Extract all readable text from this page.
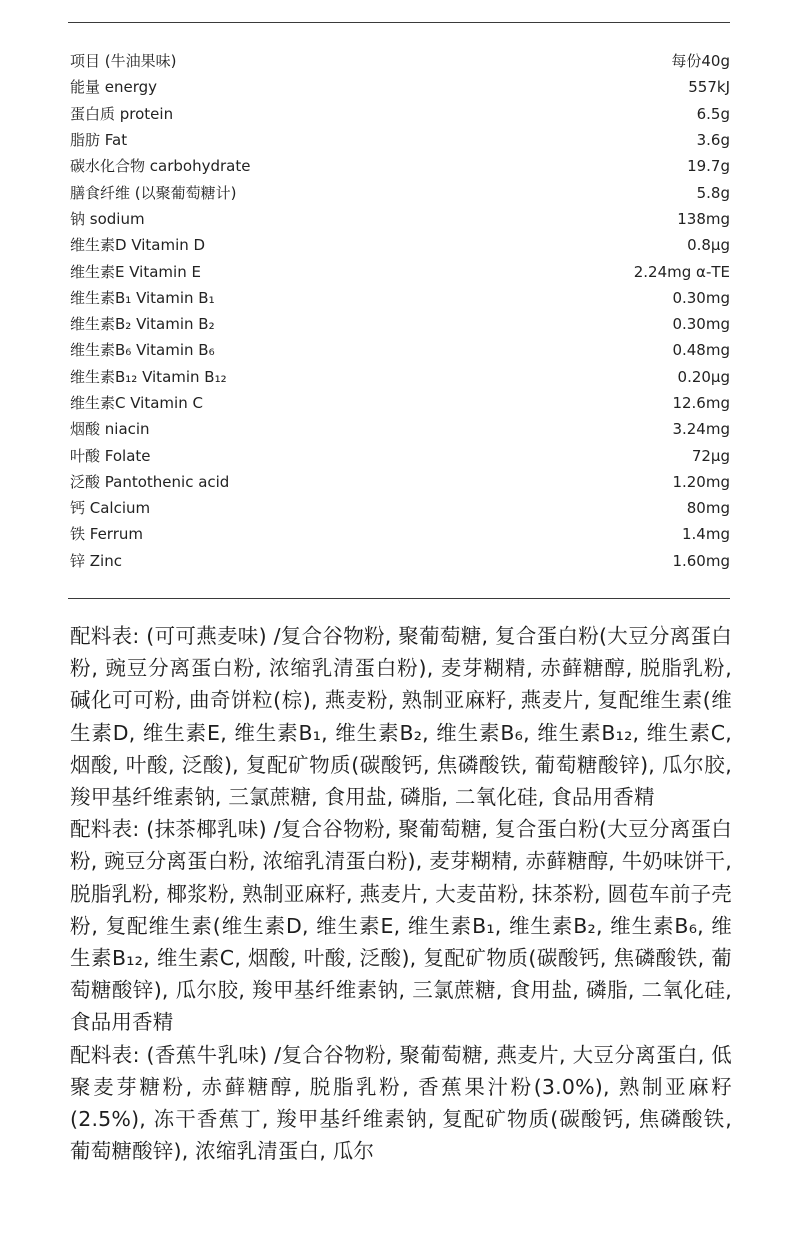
项目 (牛油果味)	每份40g
能量 energy	557kJ
蛋白质 protein	6.5g
脂肪 Fat	3.6g
碳水化合物 carbohydrate	19.7g
膳食纤维 (以聚葡萄糖计)	5.8g
钠 sodium	138mg
维生素D Vitamin D	0.8μg
维生素E Vitamin E	2.24mg α-TE
维生素B₁ Vitamin B₁	0.30mg
维生素B₂ Vitamin B₂	0.30mg
维生素B₆ Vitamin B₆	0.48mg
维生素B₁₂ Vitamin B₁₂	0.20μg
维生素C Vitamin C	12.6mg
烟酸 niacin	3.24mg
叶酸 Folate	72μg
泛酸 Pantothenic acid	1.20mg
钙 Calcium	80mg
铁 Ferrum	1.4mg
锌 Zinc	1.60mg

配料表: (可可燕麦味) /复合谷物粉, 聚葡萄糖, 复合蛋白粉(大豆分离蛋白粉, 豌豆分离蛋白粉, 浓缩乳清蛋白粉), 麦芽糊精, 赤藓糖醇, 脱脂乳粉, 碱化可可粉, 曲奇饼粒(棕), 燕麦粉, 熟制亚麻籽, 燕麦片, 复配维生素(维生素D, 维生素E, 维生素B₁, 维生素B₂, 维生素B₆, 维生素B₁₂, 维生素C, 烟酸, 叶酸, 泛酸), 复配矿物质(碳酸钙, 焦磷酸铁, 葡萄糖酸锌), 瓜尔胶, 羧甲基纤维素钠, 三氯蔗糖, 食用盐, 磷脂, 二氧化硅, 食品用香精

配料表: (抹茶椰乳味) /复合谷物粉, 聚葡萄糖, 复合蛋白粉(大豆分离蛋白粉, 豌豆分离蛋白粉, 浓缩乳清蛋白粉), 麦芽糊精, 赤藓糖醇, 牛奶味饼干, 脱脂乳粉, 椰浆粉, 熟制亚麻籽, 燕麦片, 大麦苗粉, 抹茶粉, 圆苞车前子壳粉, 复配维生素(维生素D, 维生素E, 维生素B₁, 维生素B₂, 维生素B₆, 维生素B₁₂, 维生素C, 烟酸, 叶酸, 泛酸), 复配矿物质(碳酸钙, 焦磷酸铁, 葡萄糖酸锌), 瓜尔胶, 羧甲基纤维素钠, 三氯蔗糖, 食用盐, 磷脂, 二氧化硅, 食品用香精

配料表: (香蕉牛乳味) /复合谷物粉, 聚葡萄糖, 燕麦片, 大豆分离蛋白, 低聚麦芽糖粉, 赤藓糖醇, 脱脂乳粉, 香蕉果汁粉(3.0%), 熟制亚麻籽(2.5%), 冻干香蕉丁, 羧甲基纤维素钠, 复配矿物质(碳酸钙, 焦磷酸铁, 葡萄糖酸锌), 浓缩乳清蛋白, 瓜尔
